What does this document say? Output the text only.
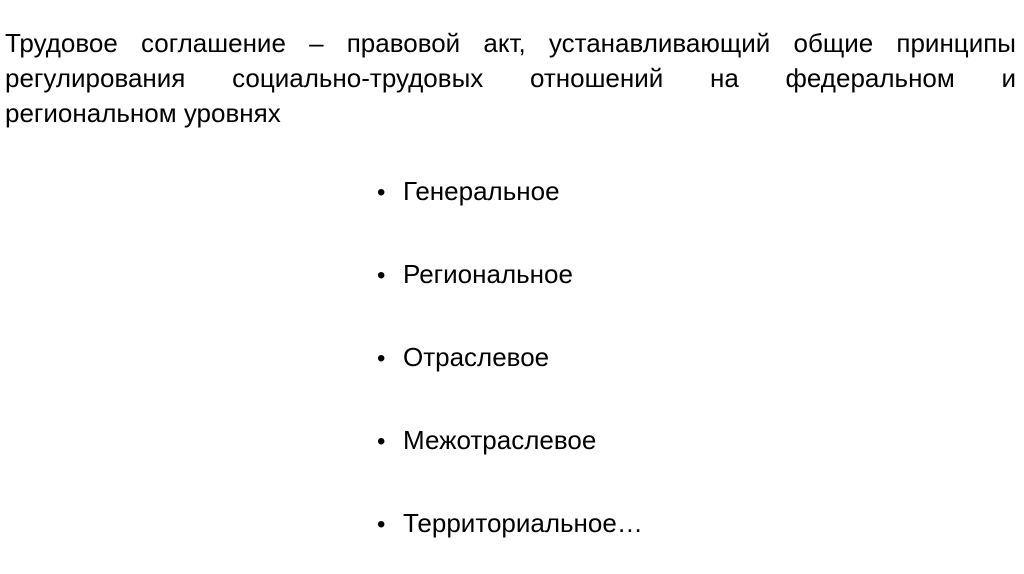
Трудовое соглашение – правовой акт, устанавливающий общие принципы
регулирования социально-трудовых отношений на федеральном и
региональном уровнях
• Генеральное
• Региональное
• Отраслевое
• Межотраслевое
• Территориальное…
